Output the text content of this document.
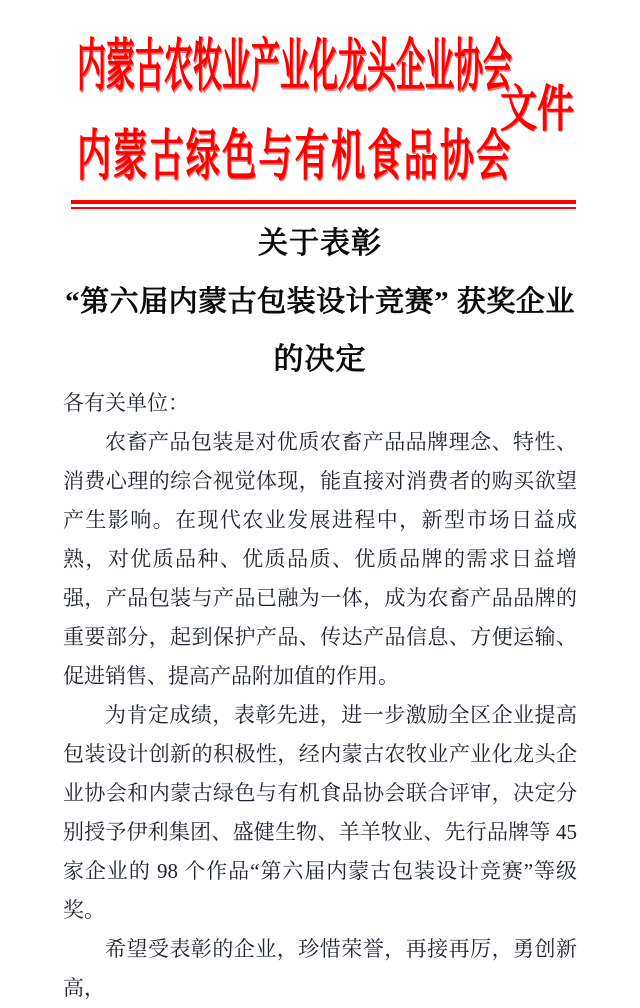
内蒙古农牧业产业化龙头企业协会
文件
内蒙古绿色与有机食品协会
关于表彰
“第六届内蒙古包装设计竞赛” 获奖企业
的决定

各有关单位：

农畜产品包装是对优质农畜产品品牌理念、特性、消费心理的综合视觉体现，能直接对消费者的购买欲望产生影响。在现代农业发展进程中，新型市场日益成熟，对优质品种、优质品质、优质品牌的需求日益增强，产品包装与产品已融为一体，成为农畜产品品牌的重要部分，起到保护产品、传达产品信息、方便运输、促进销售、提高产品附加值的作用。

为肯定成绩，表彰先进，进一步激励全区企业提高包装设计创新的积极性，经内蒙古农牧业产业化龙头企业协会和内蒙古绿色与有机食品协会联合评审，决定分别授予伊利集团、盛健生物、羊羊牧业、先行品牌等 45 家企业的 98 个作品“第六届内蒙古包装设计竞赛”等级奖。

希望受表彰的企业，珍惜荣誉，再接再厉，勇创新高，
